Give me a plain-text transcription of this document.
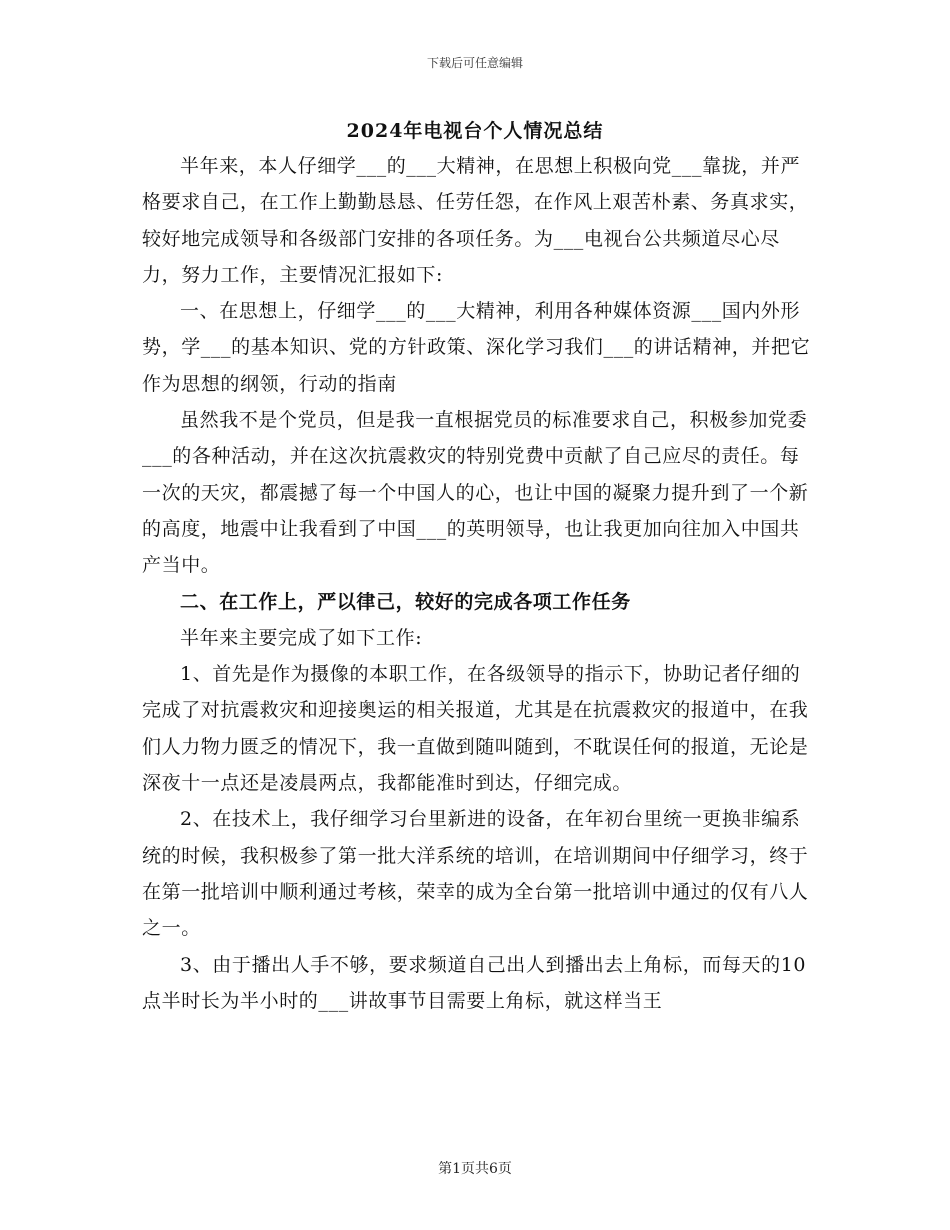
下载后可任意编辑
2024年电视台个人情况总结

半年来，本人仔细学___的___大精神，在思想上积极向党___靠拢，并严格要求自己，在工作上勤勤恳恳、任劳任怨，在作风上艰苦朴素、务真求实，较好地完成领导和各级部门安排的各项任务。为___电视台公共频道尽心尽力，努力工作，主要情况汇报如下:

一、在思想上，仔细学___的___大精神，利用各种媒体资源___国内外形势，学___的基本知识、党的方针政策、深化学习我们___的讲话精神，并把它作为思想的纲领，行动的指南

虽然我不是个党员，但是我一直根据党员的标准要求自己，积极参加党委___的各种活动，并在这次抗震救灾的特别党费中贡献了自己应尽的责任。每一次的天灾，都震撼了每一个中国人的心，也让中国的凝聚力提升到了一个新的高度，地震中让我看到了中国___的英明领导，也让我更加向往加入中国共产当中。

二、在工作上，严以律己，较好的完成各项工作任务

半年来主要完成了如下工作:

1、首先是作为摄像的本职工作，在各级领导的指示下，协助记者仔细的完成了对抗震救灾和迎接奥运的相关报道，尤其是在抗震救灾的报道中，在我们人力物力匮乏的情况下，我一直做到随叫随到，不耽误任何的报道，无论是深夜十一点还是凌晨两点，我都能准时到达，仔细完成。

2、在技术上，我仔细学习台里新进的设备，在年初台里统一更换非编系统的时候，我积极参了第一批大洋系统的培训，在培训期间中仔细学习，终于在第一批培训中顺利通过考核，荣幸的成为全台第一批培训中通过的仅有八人之一。

3、由于播出人手不够，要求频道自己出人到播出去上角标，而每天的10点半时长为半小时的___讲故事节目需要上角标，就这样当王

第1页共6页
